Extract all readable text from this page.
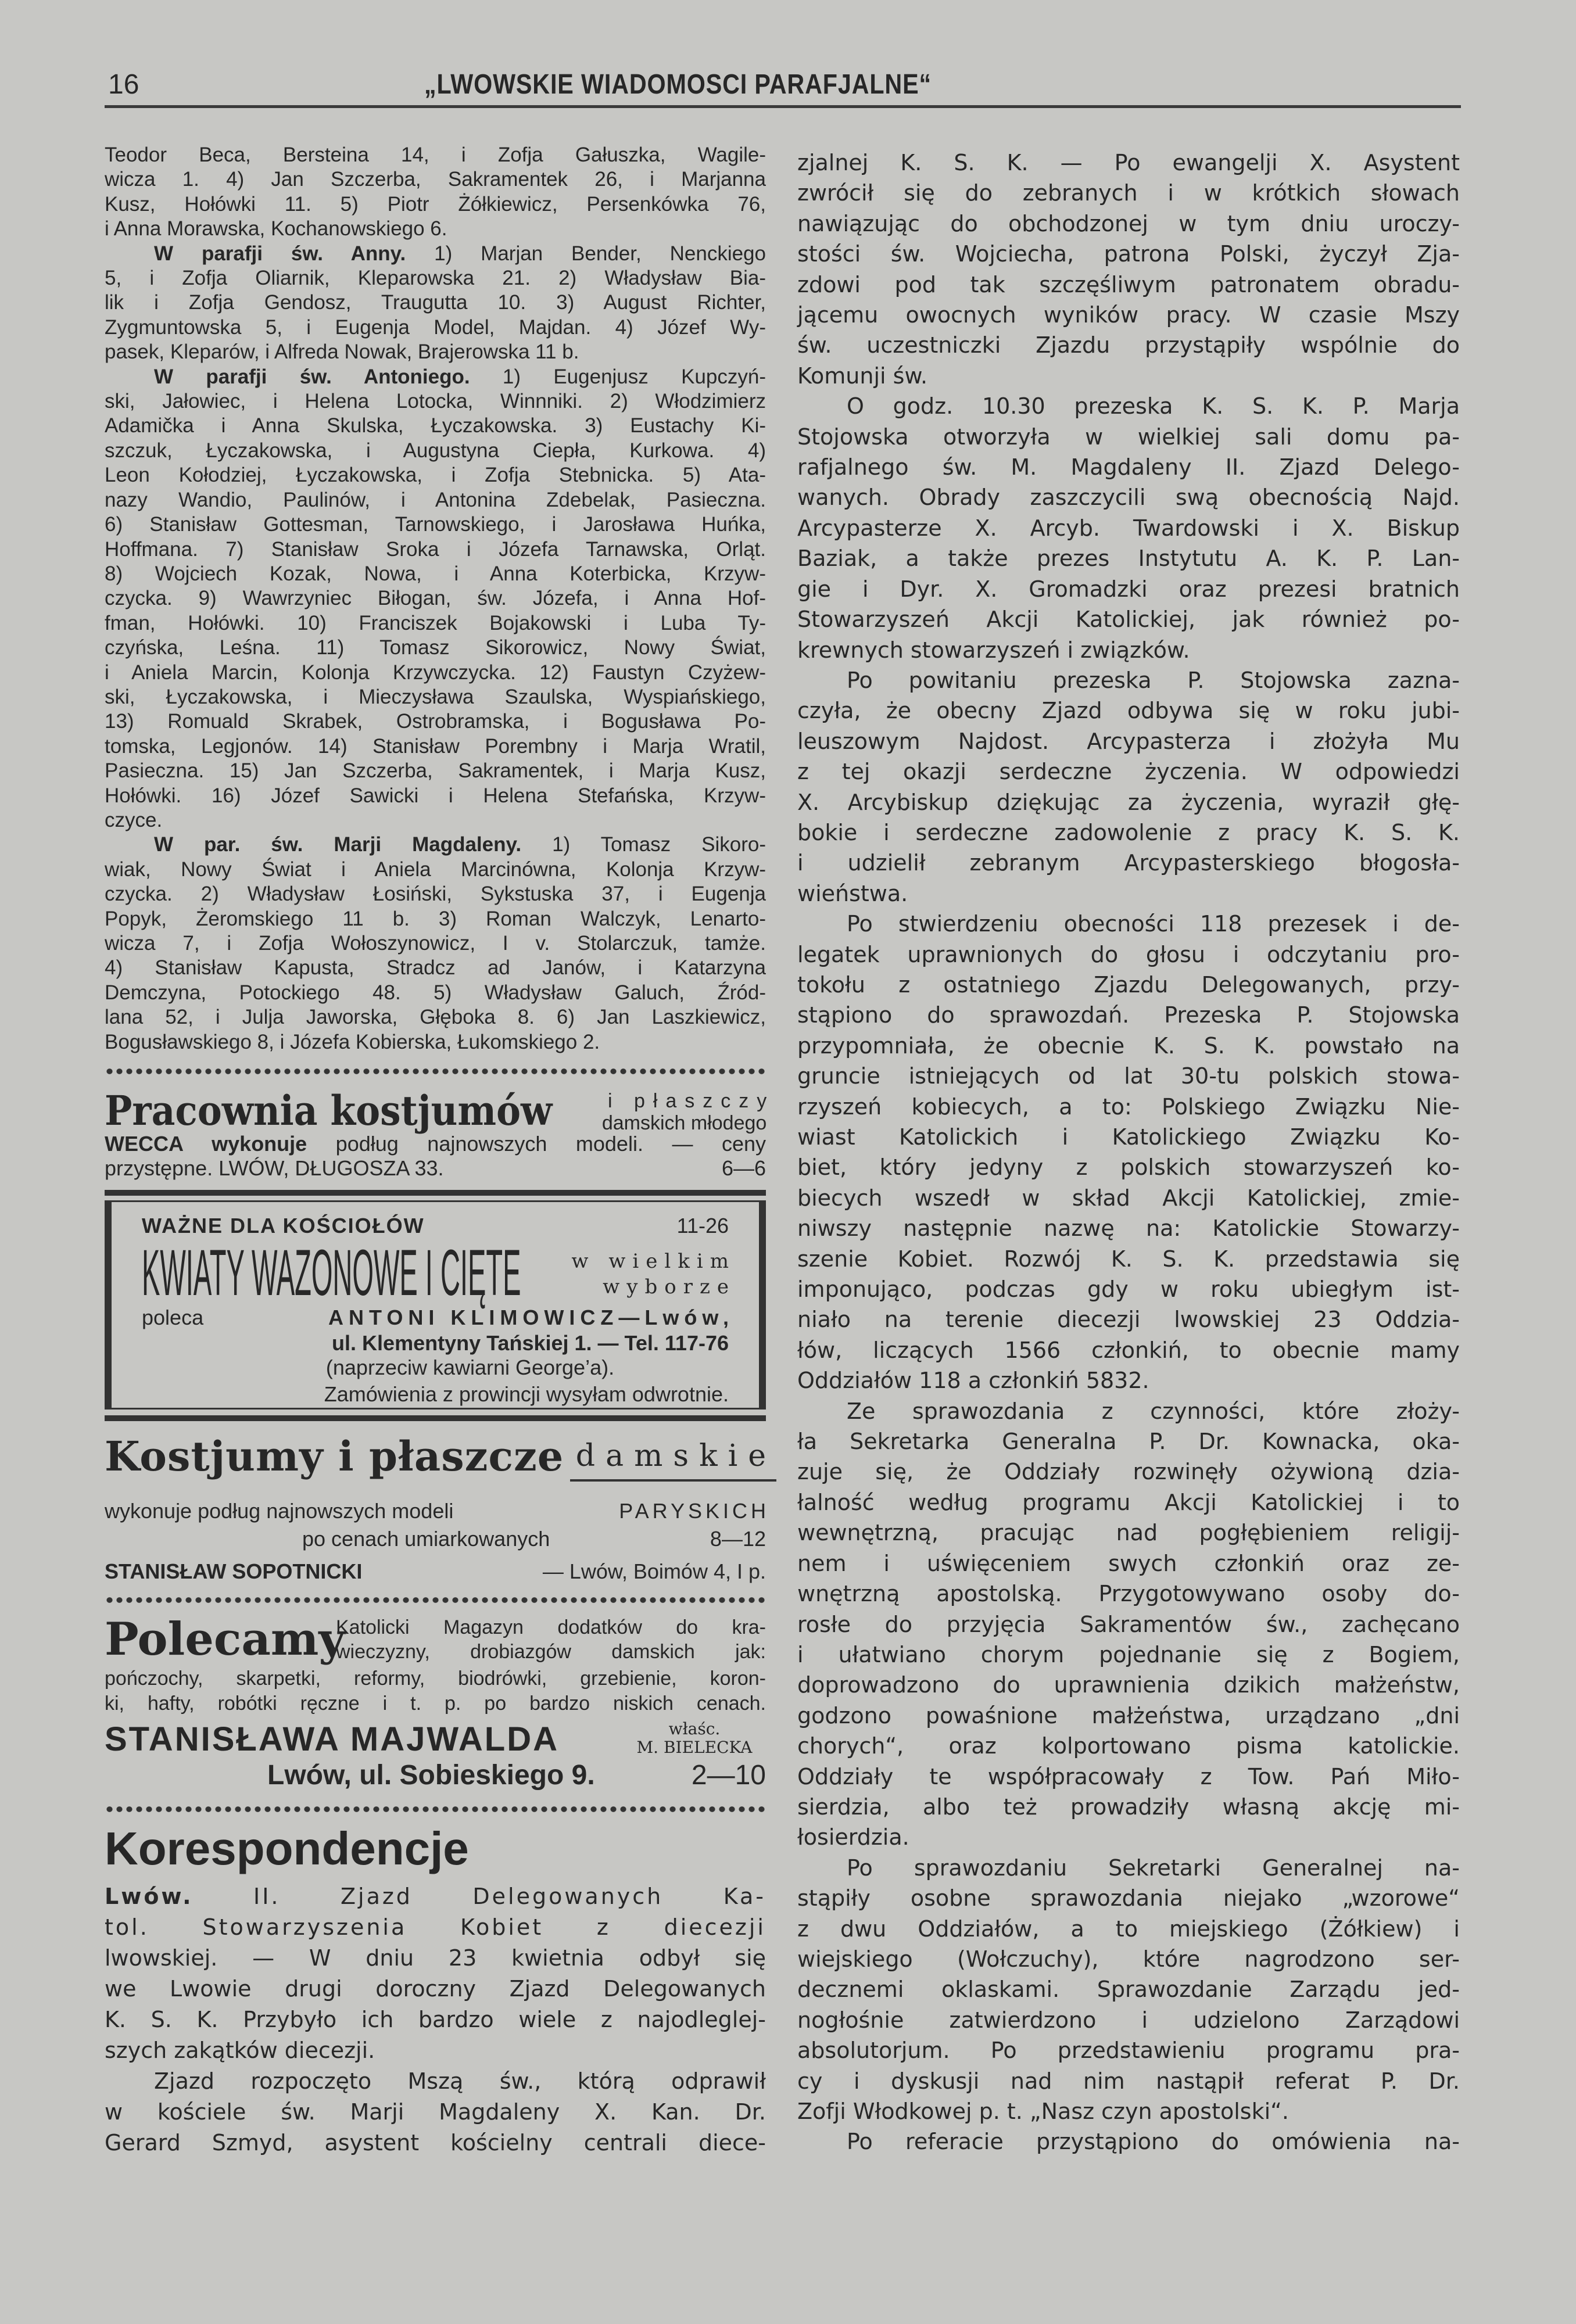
16	„LWOWSKIE WIADOMOSCI PARAFJALNE“
Teodor Beca, Bersteina 14, i Zofja Gałuszka, Wagile-
wicza 1. 4) Jan Szczerba, Sakramentek 26, i Marjanna
Kusz, Hołówki 11. 5) Piotr Żółkiewicz, Persenkówka 76,
i Anna Morawska, Kochanowskiego 6.
W parafji św. Anny. 1) Marjan Bender, Nenckiego
5, i Zofja Oliarnik, Kleparowska 21. 2) Władysław Bia-
lik i Zofja Gendosz, Traugutta 10. 3) August Richter,
Zygmuntowska 5, i Eugenja Model, Majdan. 4) Józef Wy-
pasek, Kleparów, i Alfreda Nowak, Brajerowska 11 b.
W parafji św. Antoniego. 1) Eugenjusz Kupczyń-
ski, Jałowiec, i Helena Lotocka, Winnniki. 2) Włodzimierz
Adamička i Anna Skulska, Łyczakowska. 3) Eustachy Ki-
szczuk, Łyczakowska, i Augustyna Ciepła, Kurkowa. 4)
Leon Kołodziej, Łyczakowska, i Zofja Stebnicka. 5) Ata-
nazy Wandio, Paulinów, i Antonina Zdebelak, Pasieczna.
6) Stanisław Gottesman, Tarnowskiego, i Jarosława Huńka,
Hoffmana. 7) Stanisław Sroka i Józefa Tarnawska, Orląt.
8) Wojciech Kozak, Nowa, i Anna Koterbicka, Krzyw-
czycka. 9) Wawrzyniec Biłogan, św. Józefa, i Anna Hof-
fman, Hołówki. 10) Franciszek Bojakowski i Luba Ty-
czyńska, Leśna. 11) Tomasz Sikorowicz, Nowy Świat,
i Aniela Marcin, Kolonja Krzywczycka. 12) Faustyn Czyżew-
ski, Łyczakowska, i Mieczysława Szaulska, Wyspiańskiego,
13) Romuald Skrabek, Ostrobramska, i Bogusława Po-
tomska, Legjonów. 14) Stanisław Porembny i Marja Wratil,
Pasieczna. 15) Jan Szczerba, Sakramentek, i Marja Kusz,
Hołówki. 16) Józef Sawicki i Helena Stefańska, Krzyw-
czyce.
W par. św. Marji Magdaleny. 1) Tomasz Sikoro-
wiak, Nowy Świat i Aniela Marcinówna, Kolonja Krzyw-
czycka. 2) Władysław Łosiński, Sykstuska 37, i Eugenja
Popyk, Żeromskiego 11 b. 3) Roman Walczyk, Lenarto-
wicza 7, i Zofja Wołoszynowicz, I v. Stolarczuk, tamże.
4) Stanisław Kapusta, Stradcz ad Janów, i Katarzyna
Demczyna, Potockiego 48. 5) Władysław Galuch, Źród-
lana 52, i Julja Jaworska, Głęboka 8. 6) Jan Laszkiewicz,
Bogusławskiego 8, i Józefa Kobierska, Łukomskiego 2.
Pracownia kostjumów	i płaszczy
damskich młodego
WECCA wykonuje podług najnowszych modeli. — ceny
przystępne. LWÓW, DŁUGOSZA 33.	6—6
WAŻNE DLA KOŚCIOŁÓW	11-26
KWIATY WAZONOWE I CIĘTE	w wielkim
wyborze
poleca	ANTONI KLIMOWICZ—Lwów,
ul. Klementyny Tańskiej 1. — Tel. 117-76
(naprzeciw kawiarni George’a).
Zamówienia z prowincji wysyłam odwrotnie.
Kostjumy i płaszcze damskie
wykonuje podług najnowszych modeli	PARYSKICH
po cenach umiarkowanych	8—12
STANISŁAW SOPOTNICKI	— Lwów, Boimów 4, I p.
Polecamy
Katolicki Magazyn dodatków do kra-
wieczyzny, drobiazgów damskich jak:
pończochy, skarpetki, reformy, biodrówki, grzebienie, koron-
ki, hafty, robótki ręczne i t. p. po bardzo niskich cenach.
STANISŁAWA MAJWALDA	właśc.
M. BIELECKA
Lwów, ul. Sobieskiego 9.	2—10
Korespondencje
Lwów. II. Zjazd Delegowanych Ka-
tol. Stowarzyszenia Kobiet z diecezji
lwowskiej. — W dniu 23 kwietnia odbył się
we Lwowie drugi doroczny Zjazd Delegowanych
K. S. K. Przybyło ich bardzo wiele z najodleglej-
szych zakątków diecezji.
Zjazd rozpoczęto Mszą św., którą odprawił
w kościele św. Marji Magdaleny X. Kan. Dr.
Gerard Szmyd, asystent kościelny centrali diece-
zjalnej K. S. K. — Po ewangelji X. Asystent
zwrócił się do zebranych i w krótkich słowach
nawiązując do obchodzonej w tym dniu uroczy-
stości św. Wojciecha, patrona Polski, życzył Zja-
zdowi pod tak szczęśliwym patronatem obradu-
jącemu owocnych wyników pracy. W czasie Mszy
św. uczestniczki Zjazdu przystąpiły wspólnie do
Komunji św.
O godz. 10.30 prezeska K. S. K. P. Marja
Stojowska otworzyła w wielkiej sali domu pa-
rafjalnego św. M. Magdaleny II. Zjazd Delego-
wanych. Obrady zaszczycili swą obecnością Najd.
Arcypasterze X. Arcyb. Twardowski i X. Biskup
Baziak, a także prezes Instytutu A. K. P. Lan-
gie i Dyr. X. Gromadzki oraz prezesi bratnich
Stowarzyszeń Akcji Katolickiej, jak również po-
krewnych stowarzyszeń i związków.
Po powitaniu prezeska P. Stojowska zazna-
czyła, że obecny Zjazd odbywa się w roku jubi-
leuszowym Najdost. Arcypasterza i złożyła Mu
z tej okazji serdeczne życzenia. W odpowiedzi
X. Arcybiskup dziękując za życzenia, wyraził głę-
bokie i serdeczne zadowolenie z pracy K. S. K.
i udzielił zebranym Arcypasterskiego błogosła-
wieństwa.
Po stwierdzeniu obecności 118 prezesek i de-
legatek uprawnionych do głosu i odczytaniu pro-
tokołu z ostatniego Zjazdu Delegowanych, przy-
stąpiono do sprawozdań. Prezeska P. Stojowska
przypomniała, że obecnie K. S. K. powstało na
gruncie istniejących od lat 30-tu polskich stowa-
rzyszeń kobiecych, a to: Polskiego Związku Nie-
wiast Katolickich i Katolickiego Związku Ko-
biet, który jedyny z polskich stowarzyszeń ko-
biecych wszedł w skład Akcji Katolickiej, zmie-
niwszy następnie nazwę na: Katolickie Stowarzy-
szenie Kobiet. Rozwój K. S. K. przedstawia się
imponująco, podczas gdy w roku ubiegłym ist-
niało na terenie diecezji lwowskiej 23 Oddzia-
łów, liczących 1566 członkiń, to obecnie mamy
Oddziałów 118 a członkiń 5832.
Ze sprawozdania z czynności, które złoży-
ła Sekretarka Generalna P. Dr. Kownacka, oka-
zuje się, że Oddziały rozwinęły ożywioną dzia-
łalność według programu Akcji Katolickiej i to
wewnętrzną, pracując nad pogłębieniem religij-
nem i uświęceniem swych członkiń oraz ze-
wnętrzną apostolską. Przygotowywano osoby do-
rosłe do przyjęcia Sakramentów św., zachęcano
i ułatwiano chorym pojednanie się z Bogiem,
doprowadzono do uprawnienia dzikich małżeństw,
godzono powaśnione małżeństwa, urządzano „dni
chorych“, oraz kolportowano pisma katolickie.
Oddziały te współpracowały z Tow. Pań Miło-
sierdzia, albo też prowadziły własną akcję mi-
łosierdzia.
Po sprawozdaniu Sekretarki Generalnej na-
stąpiły osobne sprawozdania niejako „wzorowe“
z dwu Oddziałów, a to miejskiego (Żółkiew) i
wiejskiego (Wołczuchy), które nagrodzono ser-
decznemi oklaskami. Sprawozdanie Zarządu jed-
nogłośnie zatwierdzono i udzielono Zarządowi
absolutorjum. Po przedstawieniu programu pra-
cy i dyskusji nad nim nastąpił referat P. Dr.
Zofji Włodkowej p. t. „Nasz czyn apostolski“.
Po referacie przystąpiono do omówienia na-
